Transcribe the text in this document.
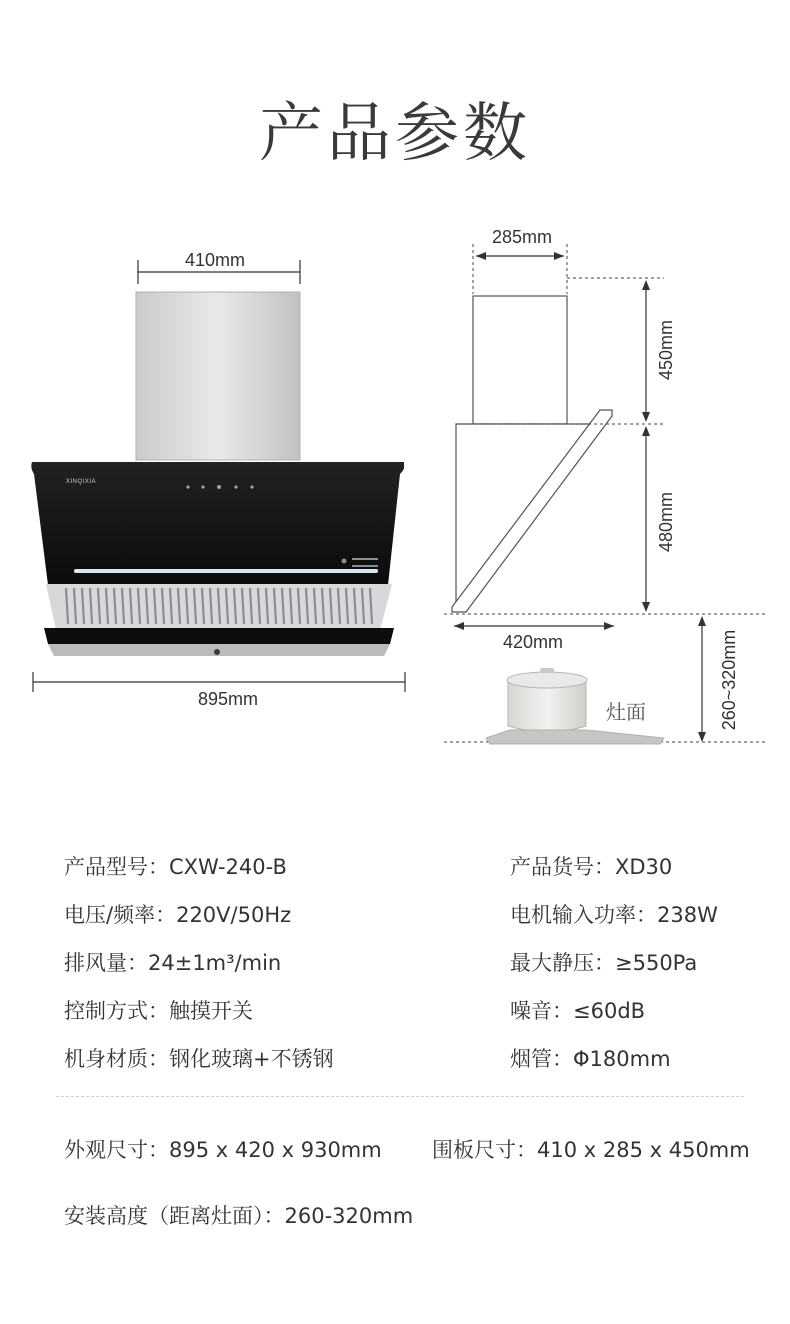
产品参数
410mm
XINQIXIA
895mm
285mm
450mm
480mm
260~320mm
420mm
灶面
产品型号：CXW-240-B
电压/频率：220V/50Hz
排风量：24±1m³/min
控制方式：触摸开关
机身材质：钢化玻璃+不锈钢
产品货号：XD30
电机输入功率：238W
最大静压：≥550Pa
噪音：≤60dB
烟管：Φ180mm
外观尺寸：895 x 420 x 930mm 围板尺寸：410 x 285 x 450mm
安装高度（距离灶面）：260-320mm
